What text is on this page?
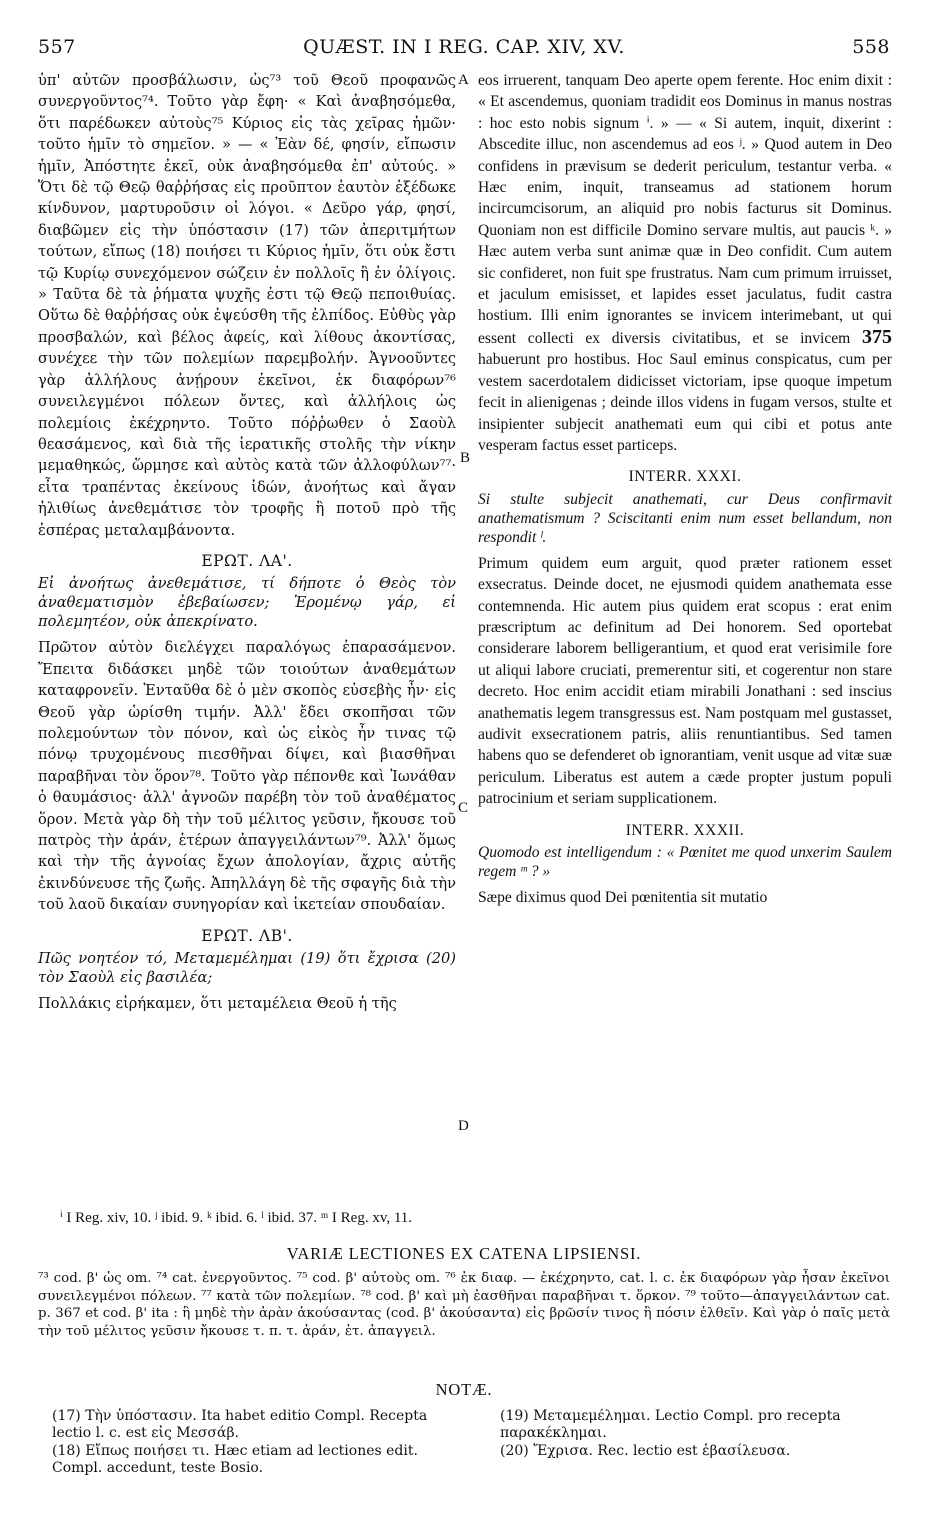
557	QUÆST. IN I REG. CAP. XIV, XV.	558

ὑπ' αὐτῶν προσβάλωσιν, ὡς⁷³ τοῦ Θεοῦ προφανῶς συνεργοῦντος⁷⁴. Τοῦτο γὰρ ἔφη· « Καὶ ἀναβησόμεθα, ὅτι παρέδωκεν αὐτοὺς⁷⁵ Κύριος εἰς τὰς χεῖρας ἡμῶν· τοῦτο ἡμῖν τὸ σημεῖον. » — « Ἐὰν δέ, φησίν, εἴπωσιν ἡμῖν, Ἀπόστητε ἐκεῖ, οὐκ ἀναβησόμεθα ἐπ' αὐτούς. » Ὅτι δὲ τῷ Θεῷ θαῤῥήσας εἰς προῦπτον ἑαυτὸν ἐξέδωκε κίνδυνον, μαρτυροῦσιν οἱ λόγοι. « Δεῦρο γάρ, φησί, διαβῶμεν εἰς τὴν ὑπόστασιν (17) τῶν ἀπεριτμήτων τούτων, εἴπως (18) ποιήσει τι Κύριος ἡμῖν, ὅτι οὐκ ἔστι τῷ Κυρίῳ συνεχόμενον σώζειν ἐν πολλοῖς ἢ ἐν ὀλίγοις. » Ταῦτα δὲ τὰ ῥήματα ψυχῆς ἐστι τῷ Θεῷ πεποιθυίας. Οὕτω δὲ θαῤῥήσας οὐκ ἐψεύσθη τῆς ἐλπίδος. Εὐθὺς γὰρ προσβαλών, καὶ βέλος ἀφείς, καὶ λίθους ἀκοντίσας, συνέχεε τὴν τῶν πολεμίων παρεμβολήν. Ἀγνοοῦντες γὰρ ἀλλήλους ἀνῄρουν ἐκεῖνοι, ἐκ διαφόρων⁷⁶ συνειλεγμένοι πόλεων ὄντες, καὶ ἀλλήλοις ὡς πολεμίοις ἐκέχρηντο. Τοῦτο πόῤῥωθεν ὁ Σαοὺλ θεασάμενος, καὶ διὰ τῆς ἱερατικῆς στολῆς τὴν νίκην μεμαθηκώς, ὥρμησε καὶ αὐτὸς κατὰ τῶν ἀλλοφύλων⁷⁷· εἶτα τραπέντας ἐκείνους ἰδών, ἀνοήτως καὶ ἄγαν ἠλιθίως ἀνεθεμάτισε τὸν τροφῆς ἢ ποτοῦ πρὸ τῆς ἑσπέρας μεταλαμβάνοντα.

ΕΡΩΤ. ΛΑ'.

Εἰ ἀνοήτως ἀνεθεμάτισε, τί δήποτε ὁ Θεὸς τὸν ἀναθεματισμὸν ἐβεβαίωσεν; Ἐρομένῳ γάρ, εἰ πολεμητέον, οὐκ ἀπεκρίνατο.

Πρῶτον αὐτὸν διελέγχει παραλόγως ἐπαρασάμενον. Ἔπειτα διδάσκει μηδὲ τῶν τοιούτων ἀναθεμάτων καταφρονεῖν. Ἐνταῦθα δὲ ὁ μὲν σκοπὸς εὐσεβὴς ἦν· εἰς Θεοῦ γὰρ ὡρίσθη τιμήν. Ἀλλ' ἔδει σκοπῆσαι τῶν πολεμούντων τὸν πόνον, καὶ ὡς εἰκὸς ἦν τινας τῷ πόνῳ τρυχομένους πιεσθῆναι δίψει, καὶ βιασθῆναι παραβῆναι τὸν ὅρον⁷⁸. Τοῦτο γὰρ πέπονθε καὶ Ἰωνάθαν ὁ θαυμάσιος· ἀλλ' ἀγνοῶν παρέβη τὸν τοῦ ἀναθέματος ὅρον. Μετὰ γὰρ δὴ τὴν τοῦ μέλιτος γεῦσιν, ἤκουσε τοῦ πατρὸς τὴν ἀράν, ἑτέρων ἀπαγγειλάντων⁷⁹. Ἀλλ' ὅμως καὶ τὴν τῆς ἀγνοίας ἔχων ἀπολογίαν, ἄχρις αὐτῆς ἐκινδύνευσε τῆς ζωῆς. Ἀπηλλάγη δὲ τῆς σφαγῆς διὰ τὴν τοῦ λαοῦ δικαίαν συνηγορίαν καὶ ἱκετείαν σπουδαίαν.

ΕΡΩΤ. ΛΒ'.

Πῶς νοητέον τό, Μεταμεμέλημαι (19) ὅτι ἔχρισα (20) τὸν Σαοὺλ εἰς βασιλέα;

Πολλάκις εἰρήκαμεν, ὅτι μεταμέλεια Θεοῦ ἡ τῆς

A
B
C
D

eos irruerent, tanquam Deo aperte opem ferente. Hoc enim dixit : « Et ascendemus, quoniam tradidit eos Dominus in manus nostras : hoc esto nobis signum ⁱ. » — « Si autem, inquit, dixerint : Abscedite illuc, non ascendemus ad eos ʲ. » Quod autem in Deo confidens in prævisum se dederit periculum, testantur verba. « Hæc enim, inquit, transeamus ad stationem horum incircumcisorum, an aliquid pro nobis facturus sit Dominus. Quoniam non est difficile Domino servare multis, aut paucis ᵏ. » Hæc autem verba sunt animæ quæ in Deo confidit. Cum autem sic confideret, non fuit spe frustratus. Nam cum primum irruisset, et jaculum emisisset, et lapides esset jaculatus, fudit castra hostium. Illi enim ignorantes se invicem interimebant, ut qui essent collecti ex diversis civitatibus, et se invicem 375 habuerunt pro hostibus. Hoc Saul eminus conspicatus, cum per vestem sacerdotalem didicisset victoriam, ipse quoque impetum fecit in alienigenas ; deinde illos videns in fugam versos, stulte et insipienter subjecit anathemati eum qui cibi et potus ante vesperam factus esset particeps.

INTERR. XXXI.

Si stulte subjecit anathemati, cur Deus confirmavit anathematismum ? Sciscitanti enim num esset bellandum, non respondit ˡ.

Primum quidem eum arguit, quod præter rationem esset exsecratus. Deinde docet, ne ejusmodi quidem anathemata esse contemnenda. Hic autem pius quidem erat scopus : erat enim præscriptum ac definitum ad Dei honorem. Sed oportebat considerare laborem belligerantium, et quod erat verisimile fore ut aliqui labore cruciati, premerentur siti, et cogerentur non stare decreto. Hoc enim accidit etiam mirabili Jonathani : sed inscius anathematis legem transgressus est. Nam postquam mel gustasset, audivit exsecrationem patris, aliis renuntiantibus. Sed tamen habens quo se defenderet ob ignorantiam, venit usque ad vitæ suæ periculum. Liberatus est autem a cæde propter justum populi patrocinium et seriam supplicationem.

INTERR. XXXII.

Quomodo est intelligendum : « Pœnitet me quod unxerim Saulem regem ᵐ ? »

Sæpe diximus quod Dei pœnitentia sit mutatio

ⁱ I Reg. xiv, 10. ʲ ibid. 9. ᵏ ibid. 6. ˡ ibid. 37. ᵐ I Reg. xv, 11.
VARIÆ LECTIONES EX CATENA LIPSIENSI.
⁷³ cod. β' ὡς om. ⁷⁴ cat. ἐνεργοῦντος. ⁷⁵ cod. β' αὐτοὺς om. ⁷⁶ ἐκ διαφ. — ἐκέχρηντο, cat. l. c. ἐκ διαφόρων γὰρ ἦσαν ἐκεῖνοι συνειλεγμένοι πόλεων. ⁷⁷ κατὰ τῶν πολεμίων. ⁷⁸ cod. β' καὶ μὴ ἐασθῆναι παραβῆναι τ. ὅρκον. ⁷⁹ τοῦτο—ἀπαγγειλάντων cat. p. 367 et cod. β' ita : ἢ μηδὲ τὴν ἀρὰν ἀκούσαντας (cod. β' ἀκούσαντα) εἰς βρῶσίν τινος ἢ πόσιν ἐλθεῖν. Καὶ γὰρ ὁ παῖς μετὰ τὴν τοῦ μέλιτος γεῦσιν ἤκουσε τ. π. τ. ἀράν, ἑτ. ἀπαγγειλ.
NOTÆ.

(17) Τὴν ὑπόστασιν. Ita habet editio Compl. Recepta lectio l. c. est εἰς Μεσσάβ.

(18) Εἴπως ποιήσει τι. Hæc etiam ad lectiones edit. Compl. accedunt, teste Bosio.

(19) Μεταμεμέλημαι. Lectio Compl. pro recepta παρακέκλημαι.

(20) Ἔχρισα. Rec. lectio est ἐβασίλευσα.
